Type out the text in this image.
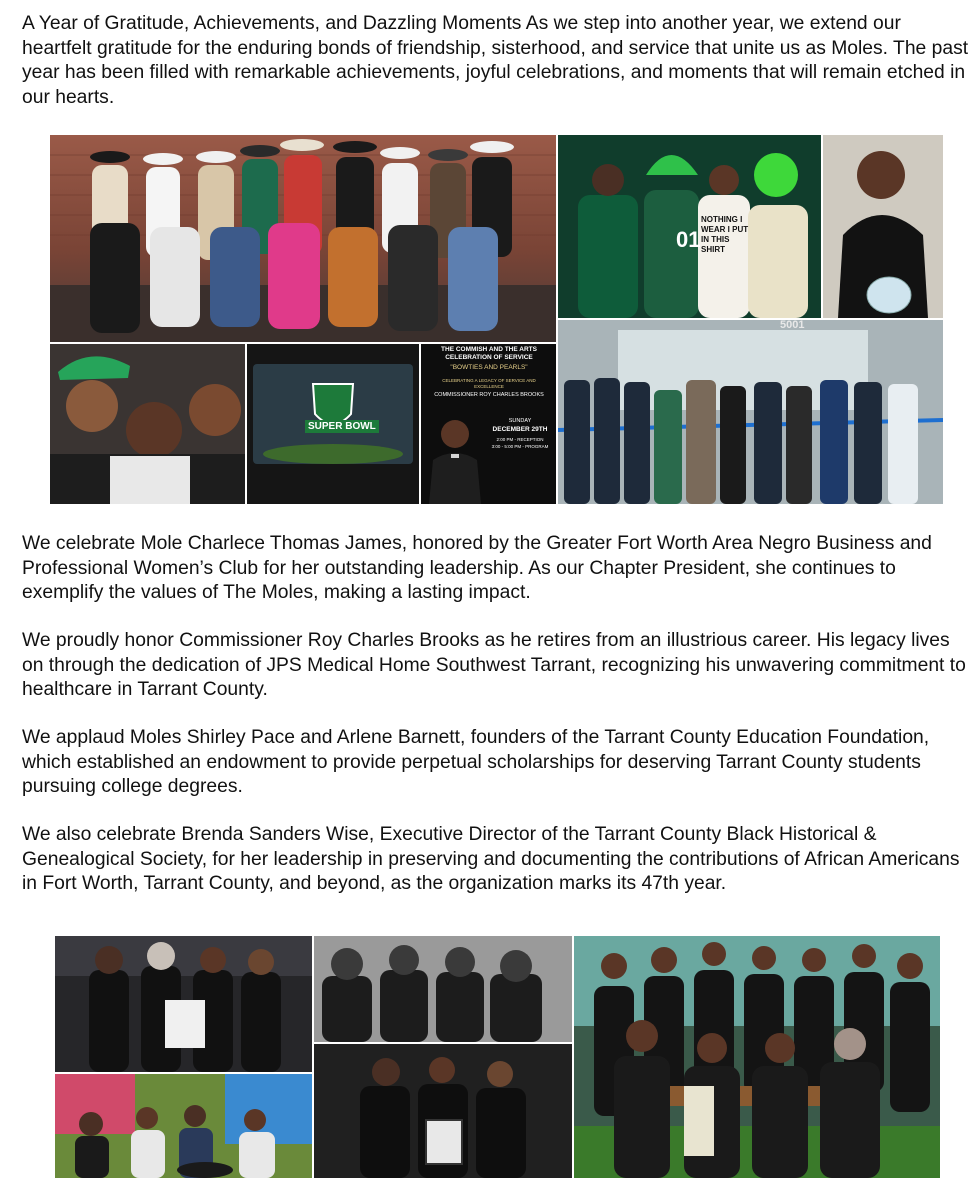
A Year of Gratitude, Achievements, and Dazzling Moments As we step into another year, we extend our heartfelt gratitude for the enduring bonds of friendship, sisterhood, and service that unite us as Moles. The past year has been filled with remarkable achievements, joyful celebrations, and moments that will remain etched in our hearts.

01
NOTHING I WEAR I PUT IN THIS SHIRT
SUPER BOWL
THE COMMISH AND THE ARTS CELEBRATION OF SERVICE
"BOWTIES AND PEARLS"
CELEBRATING A LEGACY OF SERVICE AND EXCELLENCE
COMMISSIONER ROY CHARLES BROOKS
SUNDAY
DECEMBER 29TH
2:00 PM - RECEPTION
3:00 - 5:00 PM - PROGRAM
5001

We celebrate Mole Charlece Thomas James, honored by the Greater Fort Worth Area Negro Business and Professional Women’s Club for her outstanding leadership. As our Chapter President, she continues to exemplify the values of The Moles, making a lasting impact.

We proudly honor Commissioner Roy Charles Brooks as he retires from an illustrious career. His legacy lives on through the dedication of JPS Medical Home Southwest Tarrant, recognizing his unwavering commitment to healthcare in Tarrant County.

We applaud Moles Shirley Pace and Arlene Barnett, founders of the Tarrant County Education Foundation, which established an endowment to provide perpetual scholarships for deserving Tarrant County students pursuing college degrees.

We also celebrate Brenda Sanders Wise, Executive Director of the Tarrant County Black Historical & Genealogical Society, for her leadership in preserving and documenting the contributions of African Americans in Fort Worth, Tarrant County, and beyond, as the organization marks its 47th year.
